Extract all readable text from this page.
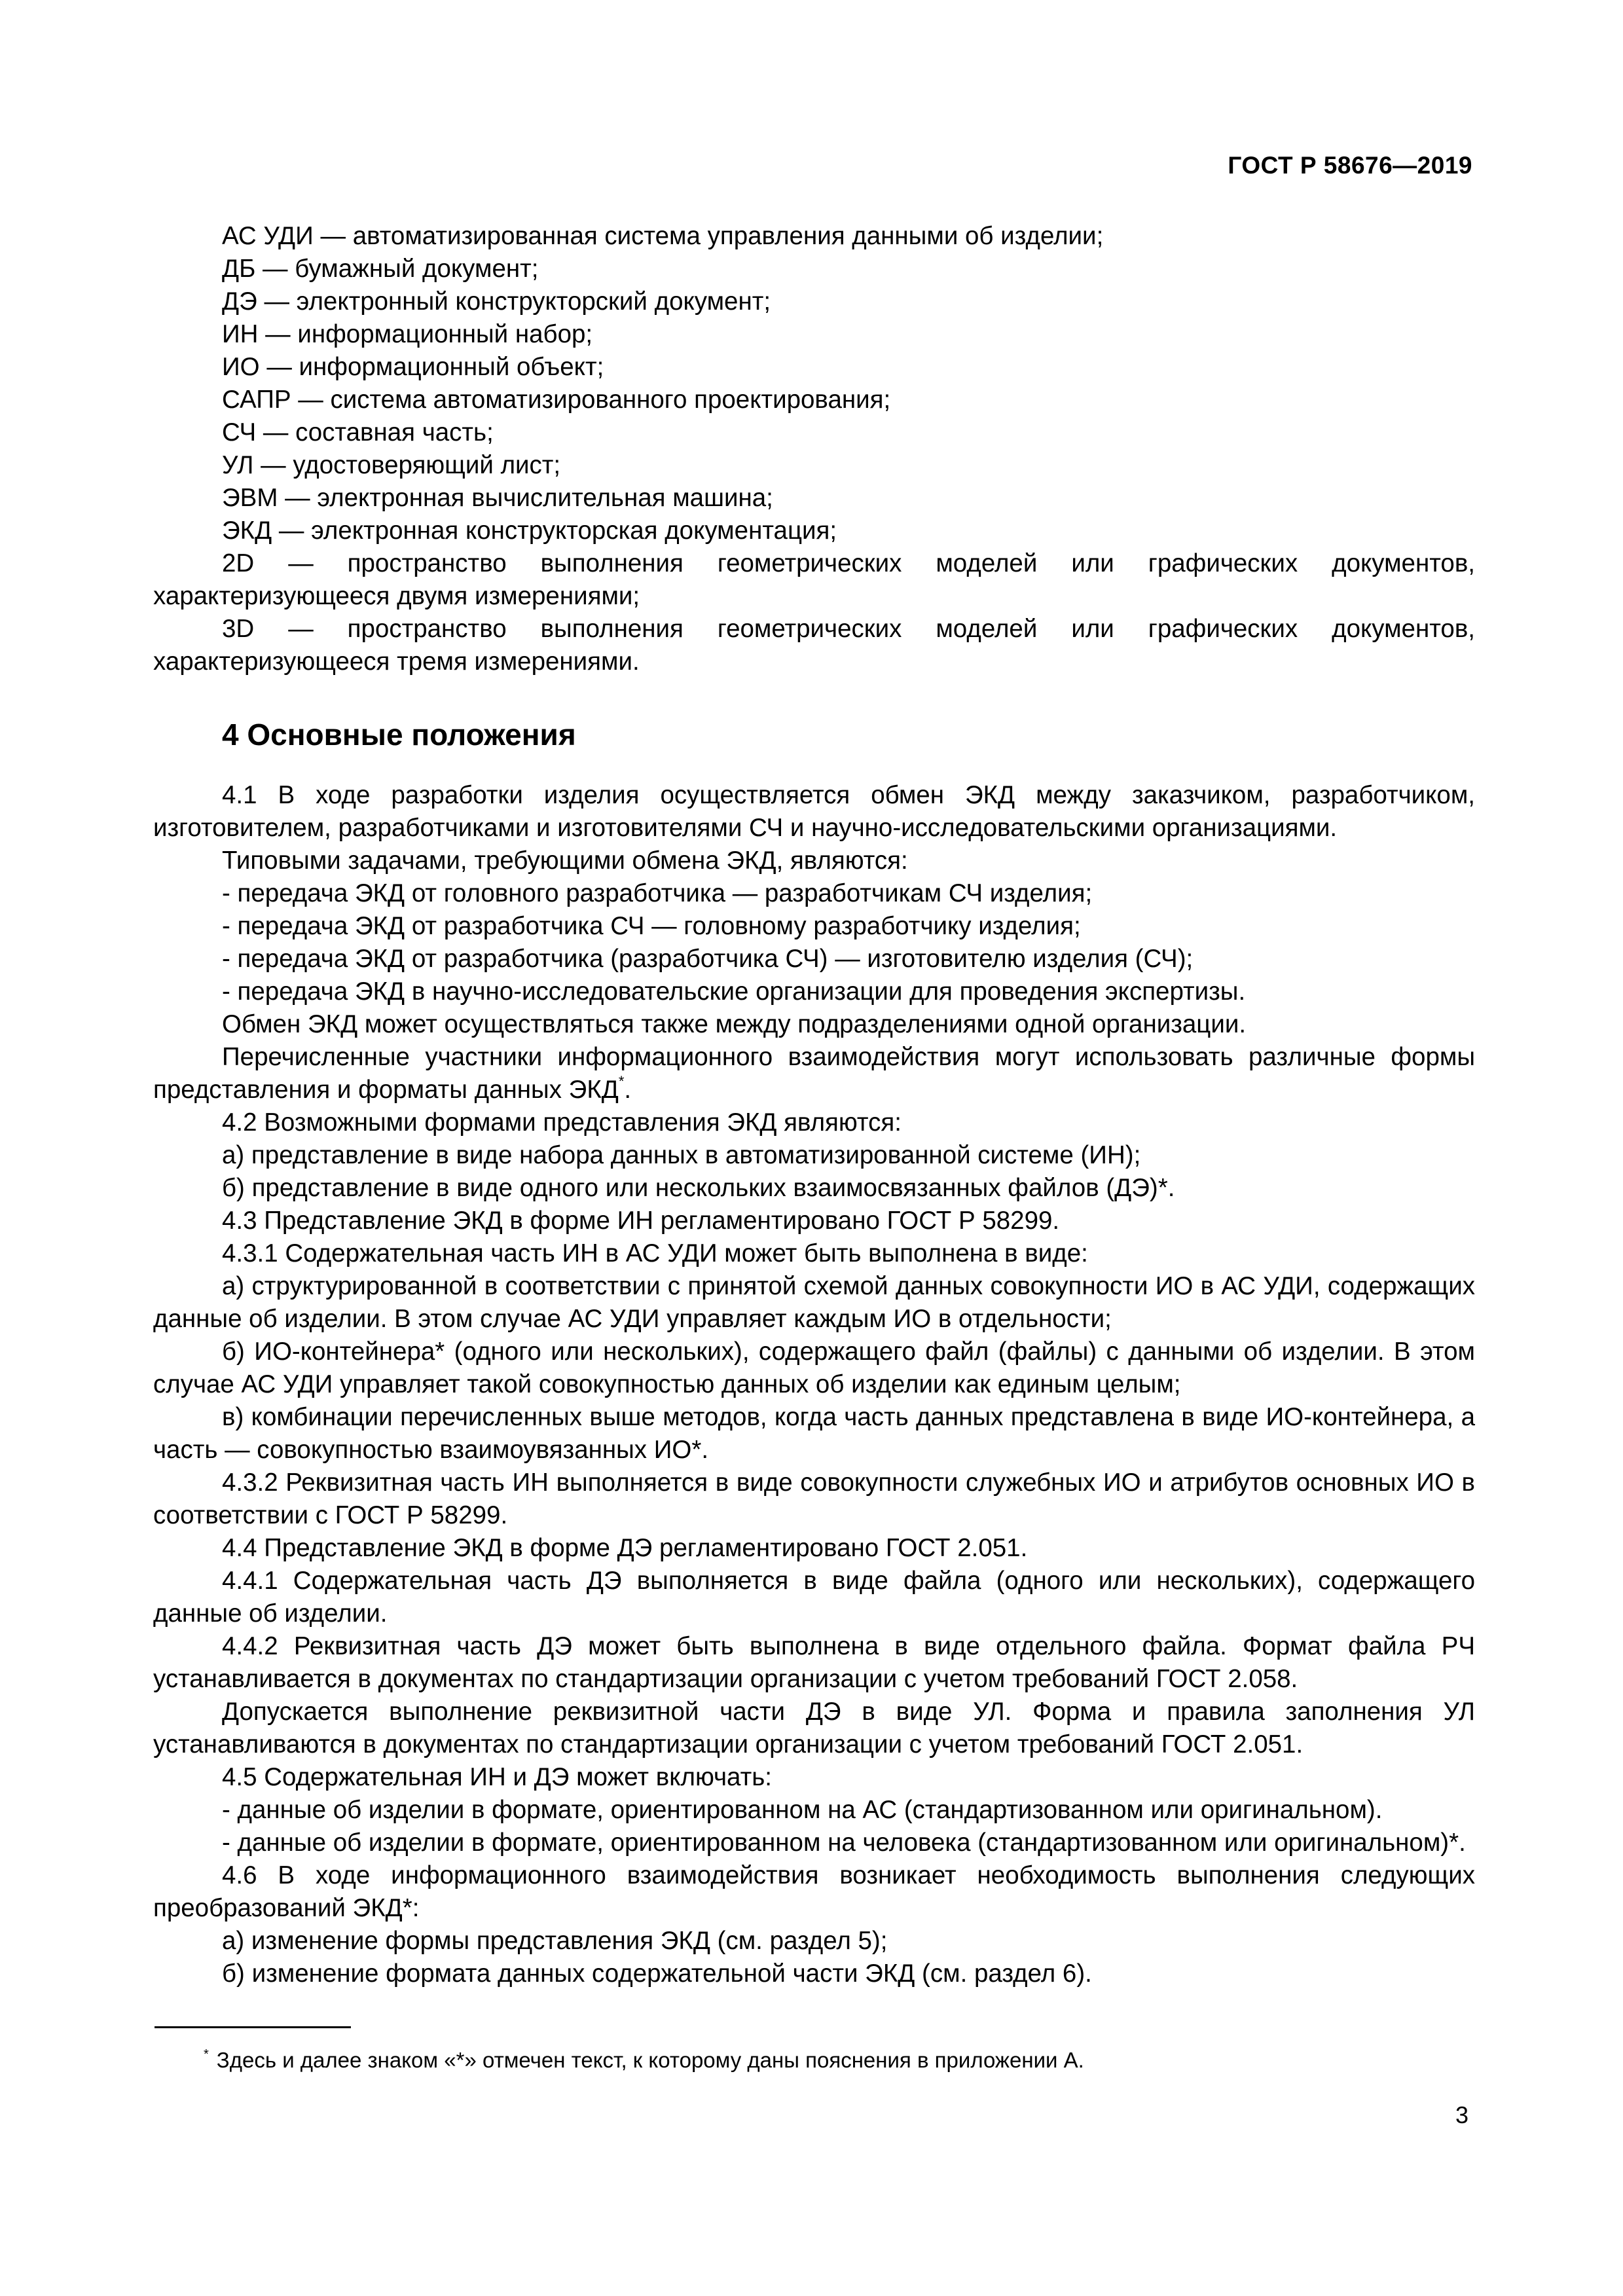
ГОСТ Р 58676—2019

АС УДИ — автоматизированная система управления данными об изделии;

ДБ — бумажный документ;

ДЭ — электронный конструкторский документ;

ИН — информационный набор;

ИО — информационный объект;

САПР — система автоматизированного проектирования;

СЧ — составная часть;

УЛ — удостоверяющий лист;

ЭВМ — электронная вычислительная машина;

ЭКД — электронная конструкторская документация;

2D — пространство выполнения геометрических моделей или графических документов, характеризующееся двумя измерениями;

3D — пространство выполнения геометрических моделей или графических документов, характеризующееся тремя измерениями.

4 Основные положения

4.1 В ходе разработки изделия осуществляется обмен ЭКД между заказчиком, разработчиком, изготовителем, разработчиками и изготовителями СЧ и научно-исследовательскими организациями.

Типовыми задачами, требующими обмена ЭКД, являются:

- передача ЭКД от головного разработчика — разработчикам СЧ изделия;

- передача ЭКД от разработчика СЧ — головному разработчику изделия;

- передача ЭКД от разработчика (разработчика СЧ) — изготовителю изделия (СЧ);

- передача ЭКД в научно-исследовательские организации для проведения экспертизы.

Обмен ЭКД может осуществляться также между подразделениями одной организации.

Перечисленные участники информационного взаимодействия могут использовать различные формы представления и форматы данных ЭКД*.

4.2 Возможными формами представления ЭКД являются:

а) представление в виде набора данных в автоматизированной системе (ИН);

б) представление в виде одного или нескольких взаимосвязанных файлов (ДЭ)*.

4.3 Представление ЭКД в форме ИН регламентировано ГОСТ Р 58299.

4.3.1 Содержательная часть ИН в АС УДИ может быть выполнена в виде:

а) структурированной в соответствии с принятой схемой данных совокупности ИО в АС УДИ, содержащих данные об изделии. В этом случае АС УДИ управляет каждым ИО в отдельности;

б) ИО-контейнера* (одного или нескольких), содержащего файл (файлы) с данными об изделии. В этом случае АС УДИ управляет такой совокупностью данных об изделии как единым целым;

в) комбинации перечисленных выше методов, когда часть данных представлена в виде ИО-контейнера, а часть — совокупностью взаимоувязанных ИО*.

4.3.2 Реквизитная часть ИН выполняется в виде совокупности служебных ИО и атрибутов основных ИО в соответствии с ГОСТ Р 58299.

4.4 Представление ЭКД в форме ДЭ регламентировано ГОСТ 2.051.

4.4.1 Содержательная часть ДЭ выполняется в виде файла (одного или нескольких), содержащего данные об изделии.

4.4.2 Реквизитная часть ДЭ может быть выполнена в виде отдельного файла. Формат файла РЧ устанавливается в документах по стандартизации организации с учетом требований ГОСТ 2.058.

Допускается выполнение реквизитной части ДЭ в виде УЛ. Форма и правила заполнения УЛ устанавливаются в документах по стандартизации организации с учетом требований ГОСТ 2.051.

4.5 Содержательная ИН и ДЭ может включать:

- данные об изделии в формате, ориентированном на АС (стандартизованном или оригинальном).

- данные об изделии в формате, ориентированном на человека (стандартизованном или оригинальном)*.

4.6 В ходе информационного взаимодействия возникает необходимость выполнения следующих преобразований ЭКД*:

а) изменение формы представления ЭКД (см. раздел 5);

б) изменение формата данных содержательной части ЭКД (см. раздел 6).

* Здесь и далее знаком «*» отмечен текст, к которому даны пояснения в приложении А.
3
